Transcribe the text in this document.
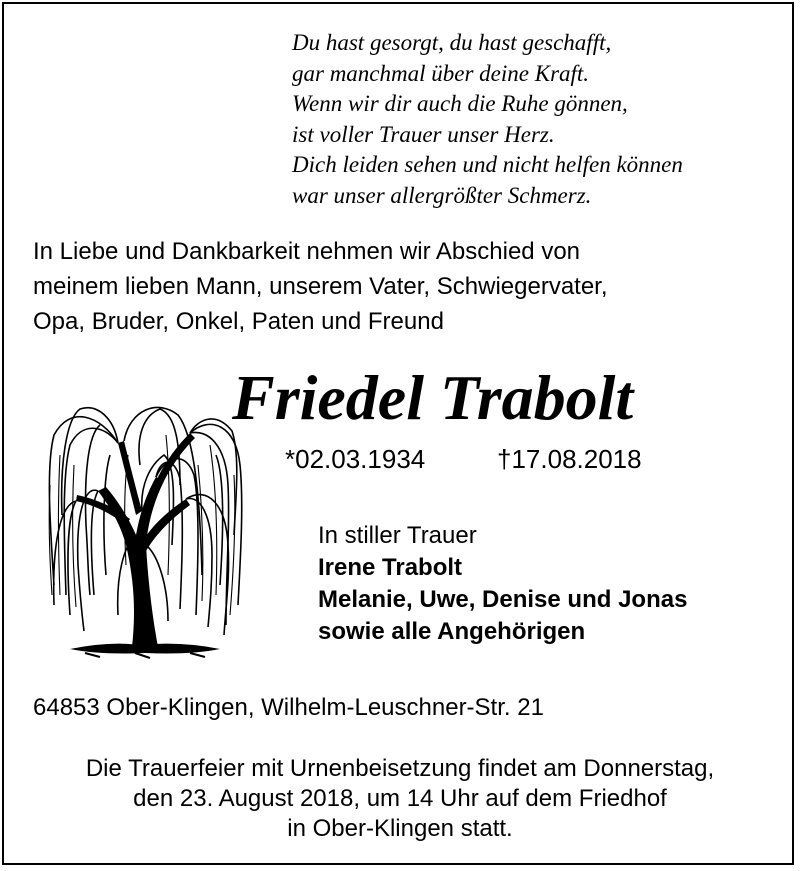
Du hast gesorgt, du hast geschafft,
gar manchmal über deine Kraft.
Wenn wir dir auch die Ruhe gönnen,
ist voller Trauer unser Herz.
Dich leiden sehen und nicht helfen können
war unser allergrößter Schmerz.
In Liebe und Dankbarkeit nehmen wir Abschied von
meinem lieben Mann, unserem Vater, Schwiegervater,
Opa, Bruder, Onkel, Paten und Freund
Friedel Trabolt
*02.03.1934	†17.08.2018
In stiller Trauer
Irene Trabolt
Melanie, Uwe, Denise und Jonas
sowie alle Angehörigen
64853 Ober-Klingen, Wilhelm-Leuschner-Str. 21
Die Trauerfeier mit Urnenbeisetzung findet am Donnerstag,
den 23. August 2018, um 14 Uhr auf dem Friedhof
in Ober-Klingen statt.
